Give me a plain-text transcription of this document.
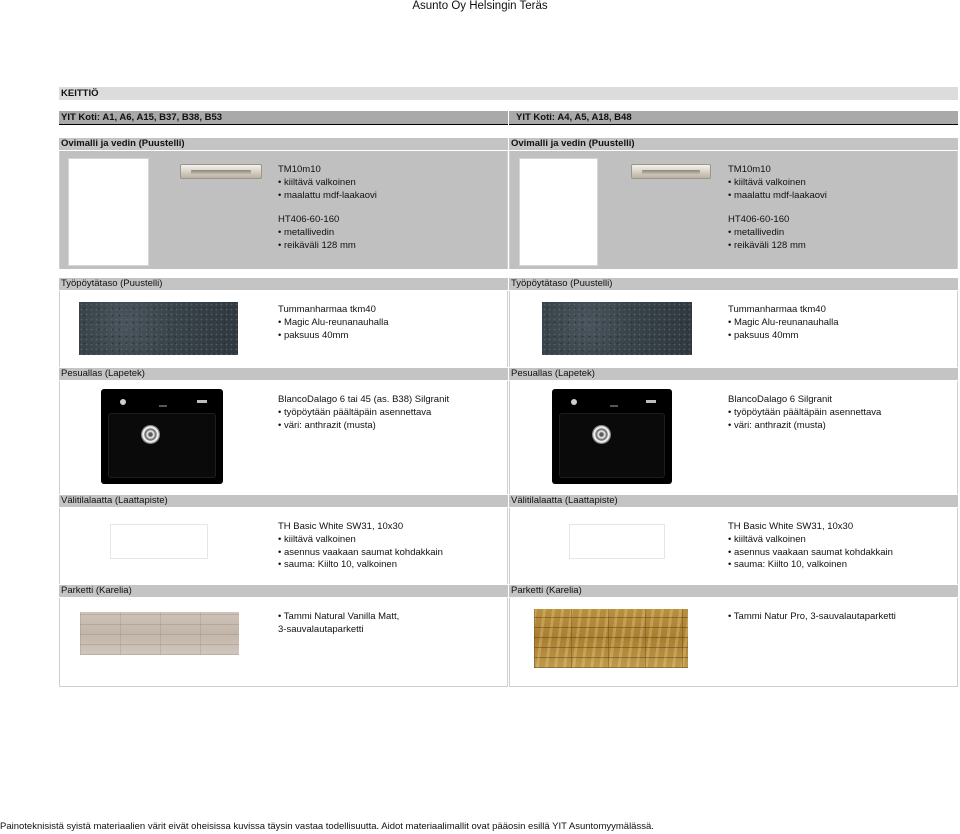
Asunto Oy Helsingin Teräs
KEITTIÖ
YIT Koti: A1, A6, A15, B37, B38, B53
Ovimalli ja vedin (Puustelli)
TM10m10
• kiiltävä valkoinen
• maalattu mdf-laakaovi
HT406-60-160
• metallivedin
• reikäväli 128 mm
Työpöytätaso (Puustelli)
Tummanharmaa tkm40
• Magic Alu-reunanauhalla
• paksuus 40mm
Pesuallas (Lapetek)
BlancoDalago 6 tai 45 (as. B38) Silgranit
• työpöytään päältäpäin asennettava
• väri: anthrazit (musta)
Välitilalaatta (Laattapiste)
TH Basic White SW31, 10x30
• kiiltävä valkoinen
• asennus vaakaan saumat kohdakkain
• sauma: Kiilto 10, valkoinen
Parketti (Karelia)
• Tammi Natural Vanilla Matt,
3-sauvalautaparketti
YIT Koti: A4, A5, A18, B48
Ovimalli ja vedin (Puustelli)
TM10m10
• kiiltävä valkoinen
• maalattu mdf-laakaovi
HT406-60-160
• metallivedin
• reikäväli 128 mm
Työpöytätaso (Puustelli)
Tummanharmaa tkm40
• Magic Alu-reunanauhalla
• paksuus 40mm
Pesuallas (Lapetek)
BlancoDalago 6 Silgranit
• työpöytään päältäpäin asennettava
• väri: anthrazit (musta)
Välitilalaatta (Laattapiste)
TH Basic White SW31, 10x30
• kiiltävä valkoinen
• asennus vaakaan saumat kohdakkain
• sauma: Kiilto 10, valkoinen
Parketti (Karelia)
• Tammi Natur Pro, 3-sauvalautaparketti
Painoteknisistä syistä materiaalien värit eivät oheisissa kuvissa täysin vastaa todellisuutta. Aidot materiaalimallit ovat pääosin esillä YIT Asuntomyymälässä.
